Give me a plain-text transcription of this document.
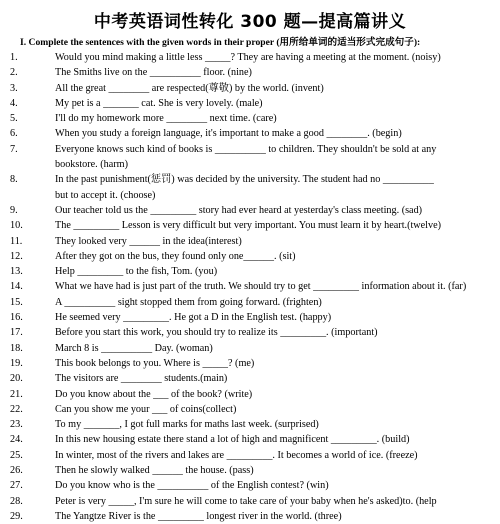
中考英语词性转化 300 题—提高篇讲义
I. Complete the sentences with the given words in their proper (用所给单词的适当形式完成句子):
1.	Would you mind making a little less _____? They are having a meeting at the moment. (noisy)
2.	The Smiths live on the __________ floor. (nine)
3.	All the great ________ are respected(尊敬) by the world. (invent)
4.	My pet is a _______ cat. She is very lovely. (male)
5.	I'll do my homework more ________ next time. (care)
6.	When you study a foreign language, it's important to make a good ________. (begin)
7.	Everyone knows such kind of books is __________ to children. They shouldn't be sold at any
bookstore. (harm)
8.	In the past punishment(惩罚) was decided by the university. The student had no __________
but to accept it. (choose)
9.	Our teacher told us the _________ story had ever heard at yesterday's class meeting. (sad)
10.	The _________ Lesson is very difficult but very important. You must learn it by heart.(twelve)
11.	They looked very ______ in the idea(interest)
12.	After they got on the bus, they found only one______. (sit)
13.	Help _________ to the fish, Tom. (you)
14.	What we have had is just part of the truth. We should try to get _________ information about it. (far)
15.	A __________ sight stopped them from going forward. (frighten)
16.	He seemed very _________. He got a D in the English test. (happy)
17.	Before you start this work, you should try to realize its _________. (important)
18.	March 8 is __________ Day. (woman)
19.	This book belongs to you. Where is _____? (me)
20.	The visitors are ________ students.(main)
21.	Do you know about the ___ of the book? (write)
22.	Can you show me your ___ of coins(collect)
23.	To my _______, I got full marks for maths last week. (surprised)
24.	In this new housing estate there stand a lot of high and magnificent _________. (build)
25.	In winter, most of the rivers and lakes are _________. It becomes a world of ice. (freeze)
26.	Then he slowly walked ______ the house. (pass)
27.	Do you know who is the __________ of the English contest? (win)
28.	Peter is very _____, I'm sure he will come to take care of your baby when he's asked)to. (help
29.	The Yangtze River is the _________ longest river in the world. (three)
